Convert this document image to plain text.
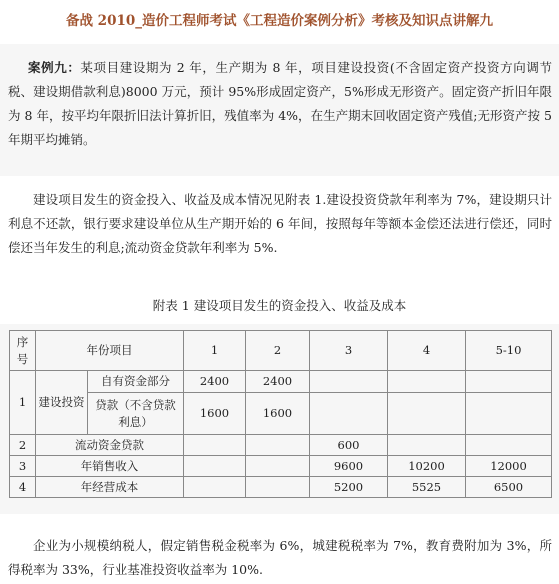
备战 2010_造价工程师考试《工程造价案例分析》考核及知识点讲解九

案例九：某项目建设期为 2 年，生产期为 8 年，项目建设投资(不含固定资产投资方向调节税、建设期借款利息)8000 万元，预计 95%形成固定资产，5%形成无形资产。固定资产折旧年限为 8 年，按平均年限折旧法计算折旧，残值率为 4%，在生产期末回收固定资产残值;无形资产按 5 年期平均摊销。

建设项目发生的资金投入、收益及成本情况见附表 1.建设投资贷款年利率为 7%，建设期只计利息不还款，银行要求建设单位从生产期开始的 6 年间，按照每年等额本金偿还法进行偿还，同时偿还当年发生的利息;流动资金贷款年利率为 5%.

附表 1 建设项目发生的资金投入、收益及成本
序号	年份项目		1	2	3	4	5-10
1	建设投资	自有资金部分	2400	2400			
		贷款（不含贷款利息）	1600	1600			
2	流动资金贷款				600		
3	年销售收入				9600	10200	12000
4	年经营成本				5200	5525	6500

企业为小规模纳税人，假定销售税金税率为 6%，城建税税率为 7%，教育费附加为 3%，所得税率为 33%，行业基准投资收益率为 10%.
